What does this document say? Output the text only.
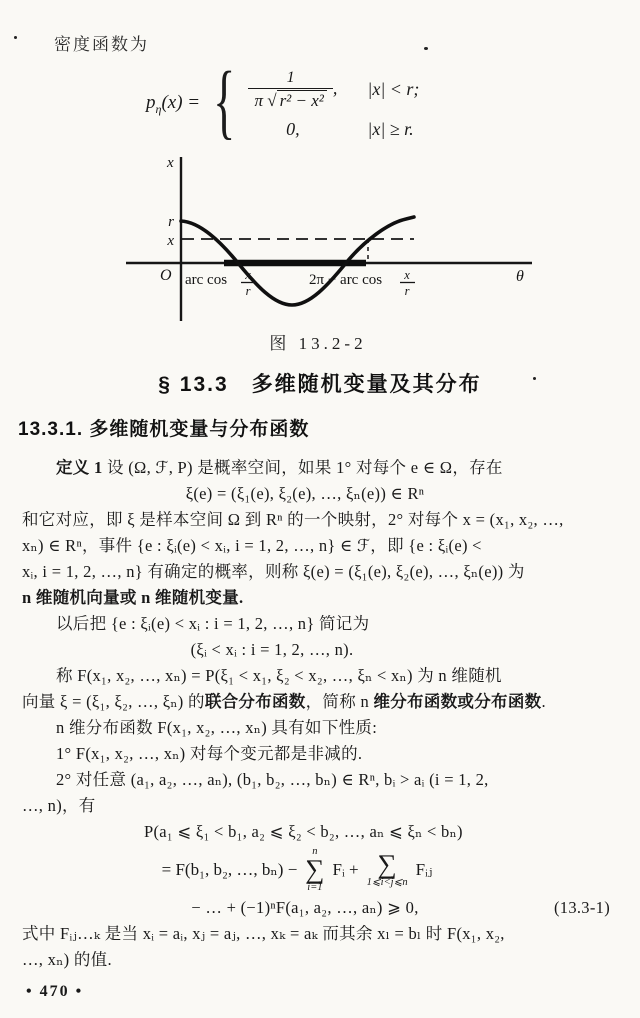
密度函数为
$p_\eta(x)$ = { $\frac{1}{\text{π √ r² − x²}}$ , |x| < r;
0,	|x| ≥ r.
x
r
x
O arc cos x
r
2π − arc cos x
r
θ
图 13.2-2
§ 13.3　多维随机变量及其分布
13.3.1. 多维随机变量与分布函数
定义 1 设 (Ω, ℱ, P) 是概率空间，如果 1° 对每个 e ∈ Ω，存在
ξ(e) = (ξ₁(e), ξ₂(e), …, ξₙ(e)) ∈ Rⁿ
和它对应，即 ξ 是样本空间 Ω 到 Rⁿ 的一个映射，2° 对每个 x = (x₁, x₂, …,
xₙ) ∈ Rⁿ，事件 {e : ξᵢ(e) < xᵢ, i = 1, 2, …, n} ∈ ℱ，即 {e : ξᵢ(e) <
xᵢ, i = 1, 2, …, n} 有确定的概率，则称 ξ(e) = (ξ₁(e), ξ₂(e), …, ξₙ(e)) 为
n 维随机向量或 n 维随机变量.
以后把 {e : ξᵢ(e) < xᵢ : i = 1, 2, …, n} 简记为
(ξᵢ < xᵢ : i = 1, 2, …, n).
称 F(x₁, x₂, …, xₙ) = P(ξ₁ < x₁, ξ₂ < x₂, …, ξₙ < xₙ) 为 n 维随机
向量 ξ = (ξ₁, ξ₂, …, ξₙ) 的联合分布函数，简称 n 维分布函数或分布函数.
n 维分布函数 F(x₁, x₂, …, xₙ) 具有如下性质:
1° F(x₁, x₂, …, xₙ) 对每个变元都是非减的.
2° 对任意 (a₁, a₂, …, aₙ), (b₁, b₂, …, bₙ) ∈ Rⁿ, bᵢ > aᵢ (i = 1, 2,
…, n)，有
P(a₁ ⩽ ξ₁ < b₁, a₂ ⩽ ξ₂ < b₂, …, aₙ ⩽ ξₙ < bₙ)
= F(b₁, b₂, …, bₙ) −
n
∑
i=1
Fᵢ + ∑
1⩽i<j⩽n
Fᵢⱼ
− … + (−1)ⁿF(a₁, a₂, …, aₙ) ⩾ 0,	(13.3-1)
式中 Fᵢⱼ…ₖ 是当 xᵢ = aᵢ, xⱼ = aⱼ, …, xₖ = aₖ 而其余 xₗ = bₗ 时 F(x₁, x₂,
…, xₙ) 的值.
• 470 •
